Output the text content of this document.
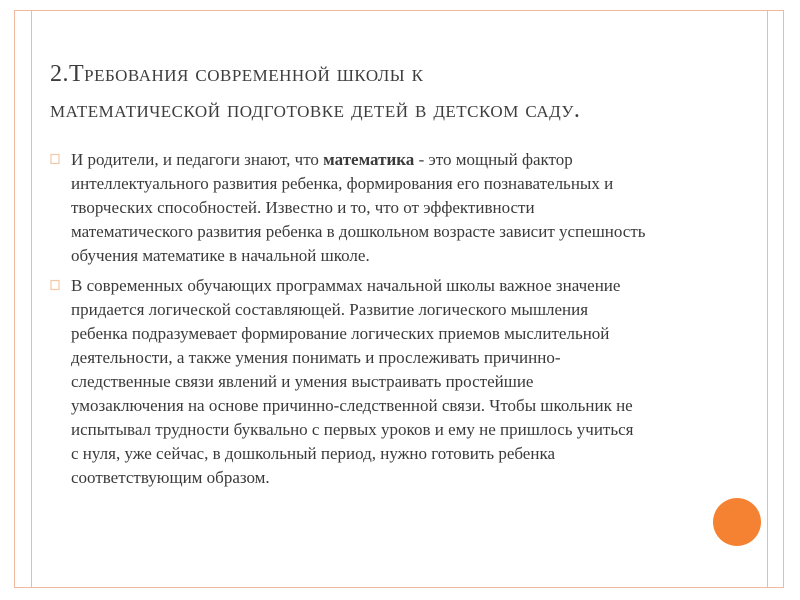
2.Требования современной школы к
математической подготовке детей в детском саду.
И родители, и педагоги знают, что математика - это мощный фактор
интеллектуального развития ребенка, формирования его познавательных и
творческих способностей. Известно и то, что от эффективности
математического развития ребенка в дошкольном возрасте зависит успешность
обучения математике в начальной школе.
В современных обучающих программах начальной школы важное значение
придается логической составляющей. Развитие логического мышления
ребенка подразумевает формирование логических приемов мыслительной
деятельности, а также умения понимать и прослеживать причинно-
следственные связи явлений и умения выстраивать простейшие
умозаключения на основе причинно-следственной связи. Чтобы школьник не
испытывал трудности буквально с первых уроков и ему не пришлось учиться
с нуля, уже сейчас, в дошкольный период, нужно готовить ребенка
соответствующим образом.
